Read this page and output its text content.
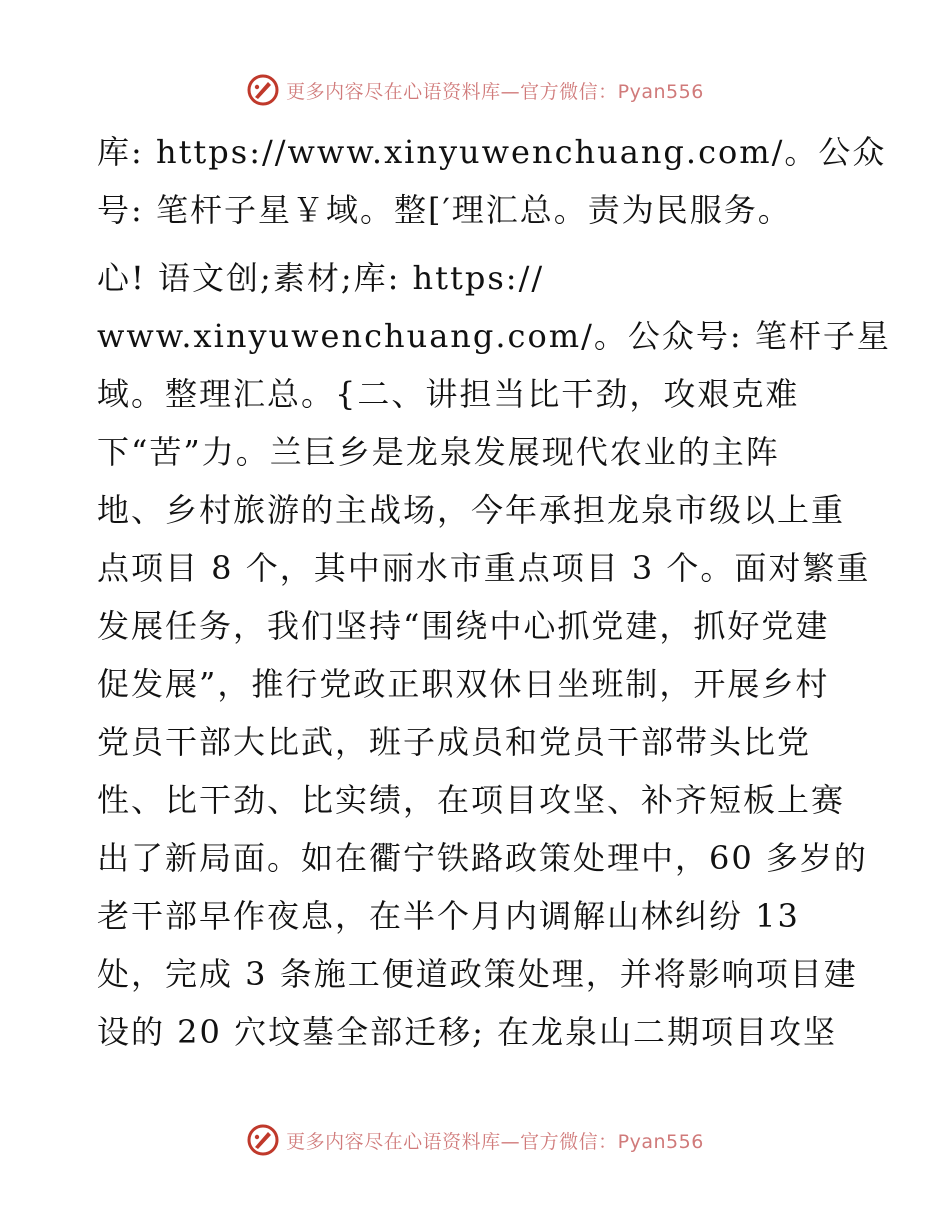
更多内容尽在心语资料库—官方微信：Pyan556
库: https://www.xinyuwenchuang.com/。公众
号: 笔杆子星￥域。整[′理汇总。责为民服务。
心! 语文创;素材;库: https://
www.xinyuwenchuang.com/。公众号: 笔杆子星
域。整理汇总。{二、讲担当比干劲，攻艰克难
下“苦”力。兰巨乡是龙泉发展现代农业的主阵
地、乡村旅游的主战场，今年承担龙泉市级以上重
点项目 8 个，其中丽水市重点项目 3 个。面对繁重
发展任务，我们坚持“围绕中心抓党建，抓好党建
促发展”，推行党政正职双休日坐班制，开展乡村
党员干部大比武，班子成员和党员干部带头比党
性、比干劲、比实绩，在项目攻坚、补齐短板上赛
出了新局面。如在衢宁铁路政策处理中，60 多岁的
老干部早作夜息，在半个月内调解山林纠纷 13
处，完成 3 条施工便道政策处理，并将影响项目建
设的 20 穴坟墓全部迁移; 在龙泉山二期项目攻坚
更多内容尽在心语资料库—官方微信：Pyan556
